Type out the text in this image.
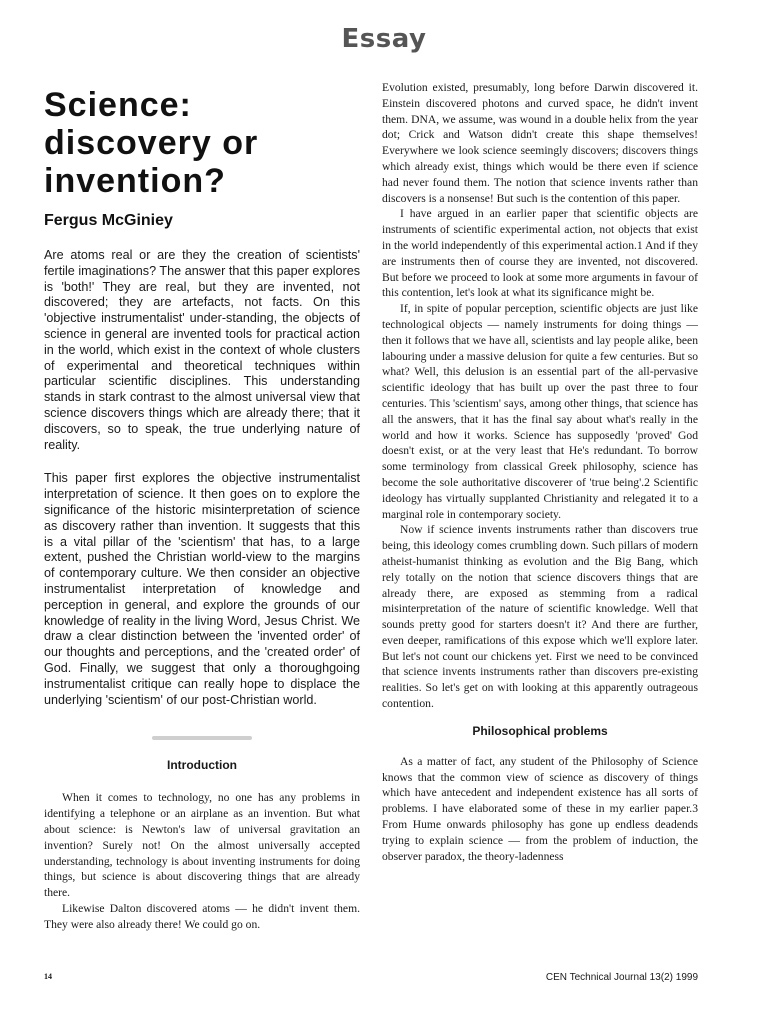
Essay
Science:
discovery or
invention?
Fergus McGiniey

Are atoms real or are they the creation of scientists' fertile imaginations? The answer that this paper explores is 'both!' They are real, but they are invented, not discovered; they are artefacts, not facts. On this 'objective instrumentalist' under-standing, the objects of science in general are invented tools for practical action in the world, which exist in the context of whole clusters of experimental and theoretical techniques within particular scientific disciplines. This understanding stands in stark contrast to the almost universal view that science discovers things which are already there; that it discovers, so to speak, the true underlying nature of reality.

This paper first explores the objective instrumentalist interpretation of science. It then goes on to explore the significance of the historic misinterpretation of science as discovery rather than invention. It suggests that this is a vital pillar of the 'scientism' that has, to a large extent, pushed the Christian world-view to the margins of contemporary culture. We then consider an objective instrumentalist interpretation of knowledge and perception in general, and explore the grounds of our knowledge of reality in the living Word, Jesus Christ. We draw a clear distinction between the 'invented order' of our thoughts and perceptions, and the 'created order' of God. Finally, we suggest that only a thoroughgoing instrumentalist critique can really hope to displace the underlying 'scientism' of our post-Christian world.

Introduction

When it comes to technology, no one has any problems in identifying a telephone or an airplane as an invention. But what about science: is Newton's law of universal gravitation an invention? Surely not! On the almost universally accepted understanding, technology is about inventing instruments for doing things, but science is about discovering things that are already there.

Likewise Dalton discovered atoms — he didn't invent them. They were also already there! We could go on.

Evolution existed, presumably, long before Darwin discovered it. Einstein discovered photons and curved space, he didn't invent them. DNA, we assume, was wound in a double helix from the year dot; Crick and Watson didn't create this shape themselves! Everywhere we look science seemingly discovers; discovers things which already exist, things which would be there even if science had never found them. The notion that science invents rather than discovers is a nonsense! But such is the contention of this paper.

I have argued in an earlier paper that scientific objects are instruments of scientific experimental action, not objects that exist in the world independently of this experimental action.1 And if they are instruments then of course they are invented, not discovered. But before we proceed to look at some more arguments in favour of this contention, let's look at what its significance might be.

If, in spite of popular perception, scientific objects are just like technological objects — namely instruments for doing things — then it follows that we have all, scientists and lay people alike, been labouring under a massive delusion for quite a few centuries. But so what? Well, this delusion is an essential part of the all-pervasive scientific ideology that has built up over the past three to four centuries. This 'scientism' says, among other things, that science has all the answers, that it has the final say about what's really in the world and how it works. Science has supposedly 'proved' God doesn't exist, or at the very least that He's redundant. To borrow some terminology from classical Greek philosophy, science has become the sole authoritative discoverer of 'true being'.2 Scientific ideology has virtually supplanted Christianity and relegated it to a marginal role in contemporary society.

Now if science invents instruments rather than discovers true being, this ideology comes crumbling down. Such pillars of modern atheist-humanist thinking as evolution and the Big Bang, which rely totally on the notion that science discovers things that are already there, are exposed as stemming from a radical misinterpretation of the nature of scientific knowledge. Well that sounds pretty good for starters doesn't it? And there are further, even deeper, ramifications of this expose which we'll explore later. But let's not count our chickens yet. First we need to be convinced that science invents instruments rather than discovers pre-existing realities. So let's get on with looking at this apparently outrageous contention.

Philosophical problems

As a matter of fact, any student of the Philosophy of Science knows that the common view of science as discovery of things which have antecedent and independent existence has all sorts of problems. I have elaborated some of these in my earlier paper.3 From Hume onwards philosophy has gone up endless deadends trying to explain science — from the problem of induction, the observer paradox, the theory-ladenness

14	CEN Technical Journal 13(2) 1999
